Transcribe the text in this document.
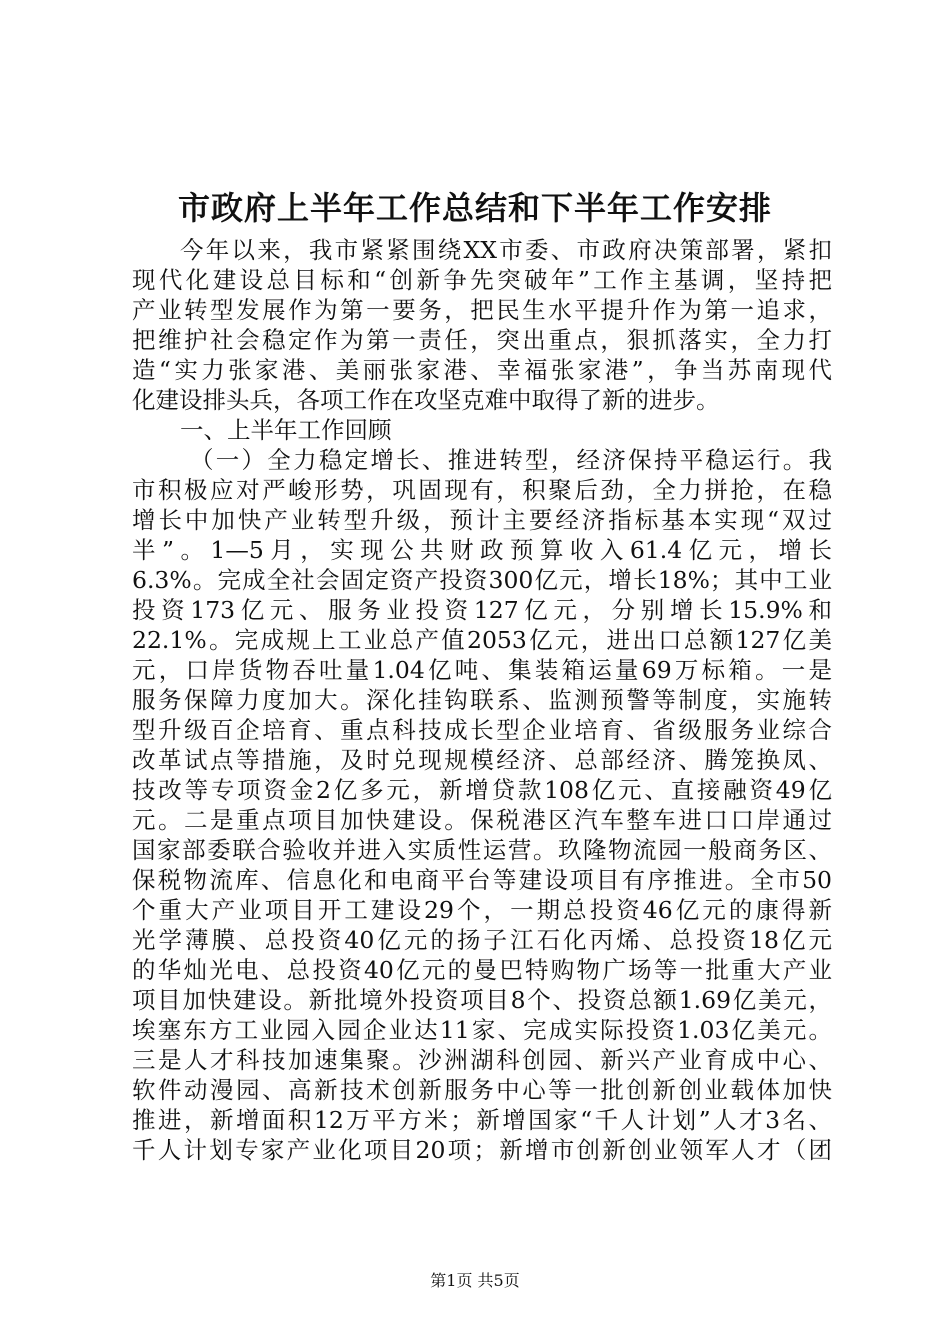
市政府上半年工作总结和下半年工作安排
今年以来，我市紧紧围绕XX市委、市政府决策部署，紧扣
现代化建设总目标和“创新争先突破年”工作主基调，坚持把
产业转型发展作为第一要务，把民生水平提升作为第一追求，
把维护社会稳定作为第一责任，突出重点，狠抓落实，全力打
造“实力张家港、美丽张家港、幸福张家港”，争当苏南现代
化建设排头兵，各项工作在攻坚克难中取得了新的进步。
一、上半年工作回顾
（一）全力稳定增长、推进转型，经济保持平稳运行。我
市积极应对严峻形势，巩固现有，积聚后劲，全力拼抢，在稳
增长中加快产业转型升级，预计主要经济指标基本实现“双过
半”。1—5月，实现公共财政预算收入61.4亿元，增长
6.3%。完成全社会固定资产投资300亿元，增长18%；其中工业
投资173亿元、服务业投资127亿元，分别增长15.9%和
22.1%。完成规上工业总产值2053亿元，进出口总额127亿美
元，口岸货物吞吐量1.04亿吨、集装箱运量69万标箱。一是
服务保障力度加大。深化挂钩联系、监测预警等制度，实施转
型升级百企培育、重点科技成长型企业培育、省级服务业综合
改革试点等措施，及时兑现规模经济、总部经济、腾笼换凤、
技改等专项资金2亿多元，新增贷款108亿元、直接融资49亿
元。二是重点项目加快建设。保税港区汽车整车进口口岸通过
国家部委联合验收并进入实质性运营。玖隆物流园一般商务区、
保税物流库、信息化和电商平台等建设项目有序推进。全市50
个重大产业项目开工建设29个，一期总投资46亿元的康得新
光学薄膜、总投资40亿元的扬子江石化丙烯、总投资18亿元
的华灿光电、总投资40亿元的曼巴特购物广场等一批重大产业
项目加快建设。新批境外投资项目8个、投资总额1.69亿美元，
埃塞东方工业园入园企业达11家、完成实际投资1.03亿美元。
三是人才科技加速集聚。沙洲湖科创园、新兴产业育成中心、
软件动漫园、高新技术创新服务中心等一批创新创业载体加快
推进，新增面积12万平方米；新增国家“千人计划”人才3名、
千人计划专家产业化项目20项；新增市创新创业领军人才（团
第1页 共5页
